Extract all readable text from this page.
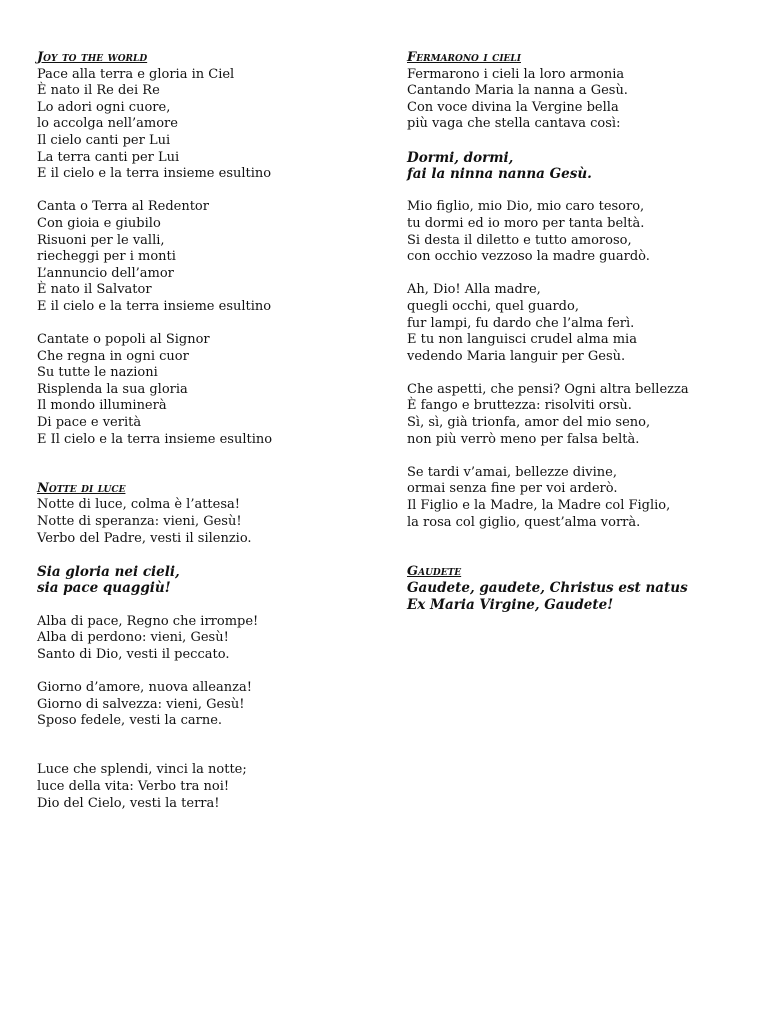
Joy to the world
Pace alla terra e gloria in Ciel
È nato il Re dei Re
Lo adori ogni cuore,
lo accolga nell’amore
Il cielo canti per Lui
La terra canti per Lui
E il cielo e la terra insieme esultino
Canta o Terra al Redentor
Con gioia e giubilo
Risuoni per le valli,
riecheggi per i monti
L’annuncio dell’amor
È nato il Salvator
E il cielo e la terra insieme esultino
Cantate o popoli al Signor
Che regna in ogni cuor
Su tutte le nazioni
Risplenda la sua gloria
Il mondo illuminerà
Di pace e verità
E Il cielo e la terra insieme esultino
Notte di luce
Notte di luce, colma è l’attesa!
Notte di speranza: vieni, Gesù!
Verbo del Padre, vesti il silenzio.
Sia gloria nei cieli,
sia pace quaggiù!
Alba di pace, Regno che irrompe!
Alba di perdono: vieni, Gesù!
Santo di Dio, vesti il peccato.
Giorno d’amore, nuova alleanza!
Giorno di salvezza: vieni, Gesù!
Sposo fedele, vesti la carne.
Luce che splendi, vinci la notte;
luce della vita: Verbo tra noi!
Dio del Cielo, vesti la terra!
Fermarono i cieli
Fermarono i cieli la loro armonia
Cantando Maria la nanna a Gesù.
Con voce divina la Vergine bella
più vaga che stella cantava così:
Dormi, dormi,
fai la ninna nanna Gesù.
Mio figlio, mio Dio, mio caro tesoro,
tu dormi ed io moro per tanta beltà.
Si desta il diletto e tutto amoroso,
con occhio vezzoso la madre guardò.
Ah, Dio! Alla madre,
quegli occhi, quel guardo,
fur lampi, fu dardo che l’alma ferì.
E tu non languisci crudel alma mia
vedendo Maria languir per Gesù.
Che aspetti, che pensi? Ogni altra bellezza
È fango e bruttezza: risolviti orsù.
Sì, sì, già trionfa, amor del mio seno,
non più verrò meno per falsa beltà.
Se tardi v’amai, bellezze divine,
ormai senza fine per voi arderò.
Il Figlio e la Madre, la Madre col Figlio,
la rosa col giglio, quest’alma vorrà.
Gaudete
Gaudete, gaudete, Christus est natus
Ex Maria Virgine, Gaudete!
